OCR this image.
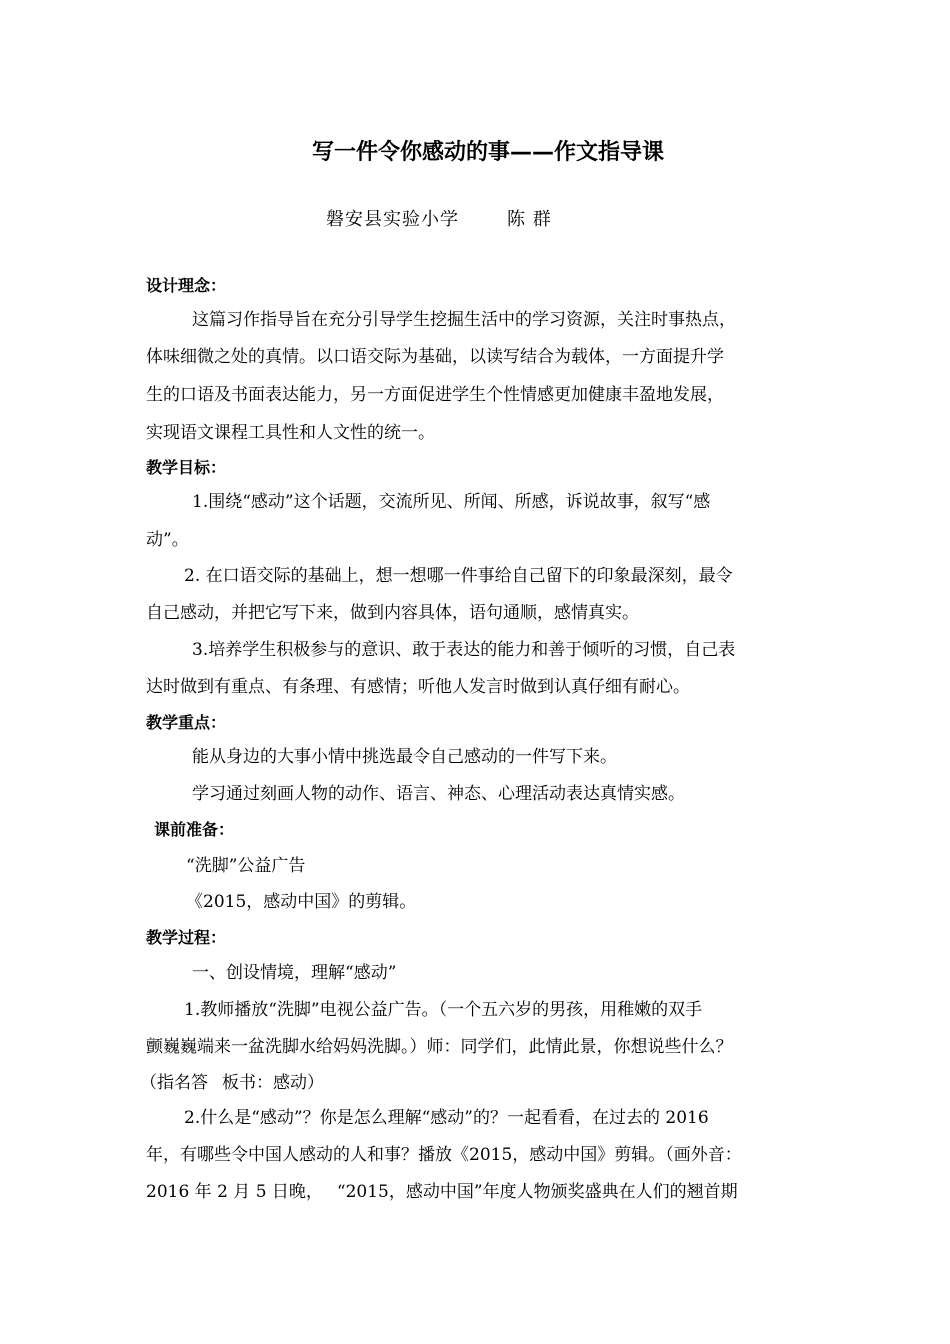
写一件令你感动的事——作文指导课
磐安县实验小学	陈 群
设计理念：
这篇习作指导旨在充分引导学生挖掘生活中的学习资源，关注时事热点，
体味细微之处的真情。以口语交际为基础，以读写结合为载体，一方面提升学
生的口语及书面表达能力，另一方面促进学生个性情感更加健康丰盈地发展，
实现语文课程工具性和人文性的统一。
教学目标：
1.围绕“感动”这个话题，交流所见、所闻、所感，诉说故事，叙写“感
动”。
2. 在口语交际的基础上，想一想哪一件事给自己留下的印象最深刻，最令
自己感动，并把它写下来，做到内容具体，语句通顺，感情真实。
3.培养学生积极参与的意识、敢于表达的能力和善于倾听的习惯，自己表
达时做到有重点、有条理、有感情；听他人发言时做到认真仔细有耐心。
教学重点：
能从身边的大事小情中挑选最令自己感动的一件写下来。
学习通过刻画人物的动作、语言、神态、心理活动表达真情实感。
课前准备：
“洗脚”公益广告
《2015，感动中国》的剪辑。
教学过程：
一、创设情境，理解“感动”
1.教师播放“洗脚”电视公益广告。（一个五六岁的男孩，用稚嫩的双手
颤巍巍端来一盆洗脚水给妈妈洗脚。）师：同学们，此情此景，你想说些什么？
（指名答 板书：感动）
2.什么是“感动”？你是怎么理解“感动”的？一起看看，在过去的 2016
年，有哪些令中国人感动的人和事？播放《2015，感动中国》剪辑。（画外音：
2016 年 2 月 5 日晚， “2015，感动中国”年度人物颁奖盛典在人们的翘首期
